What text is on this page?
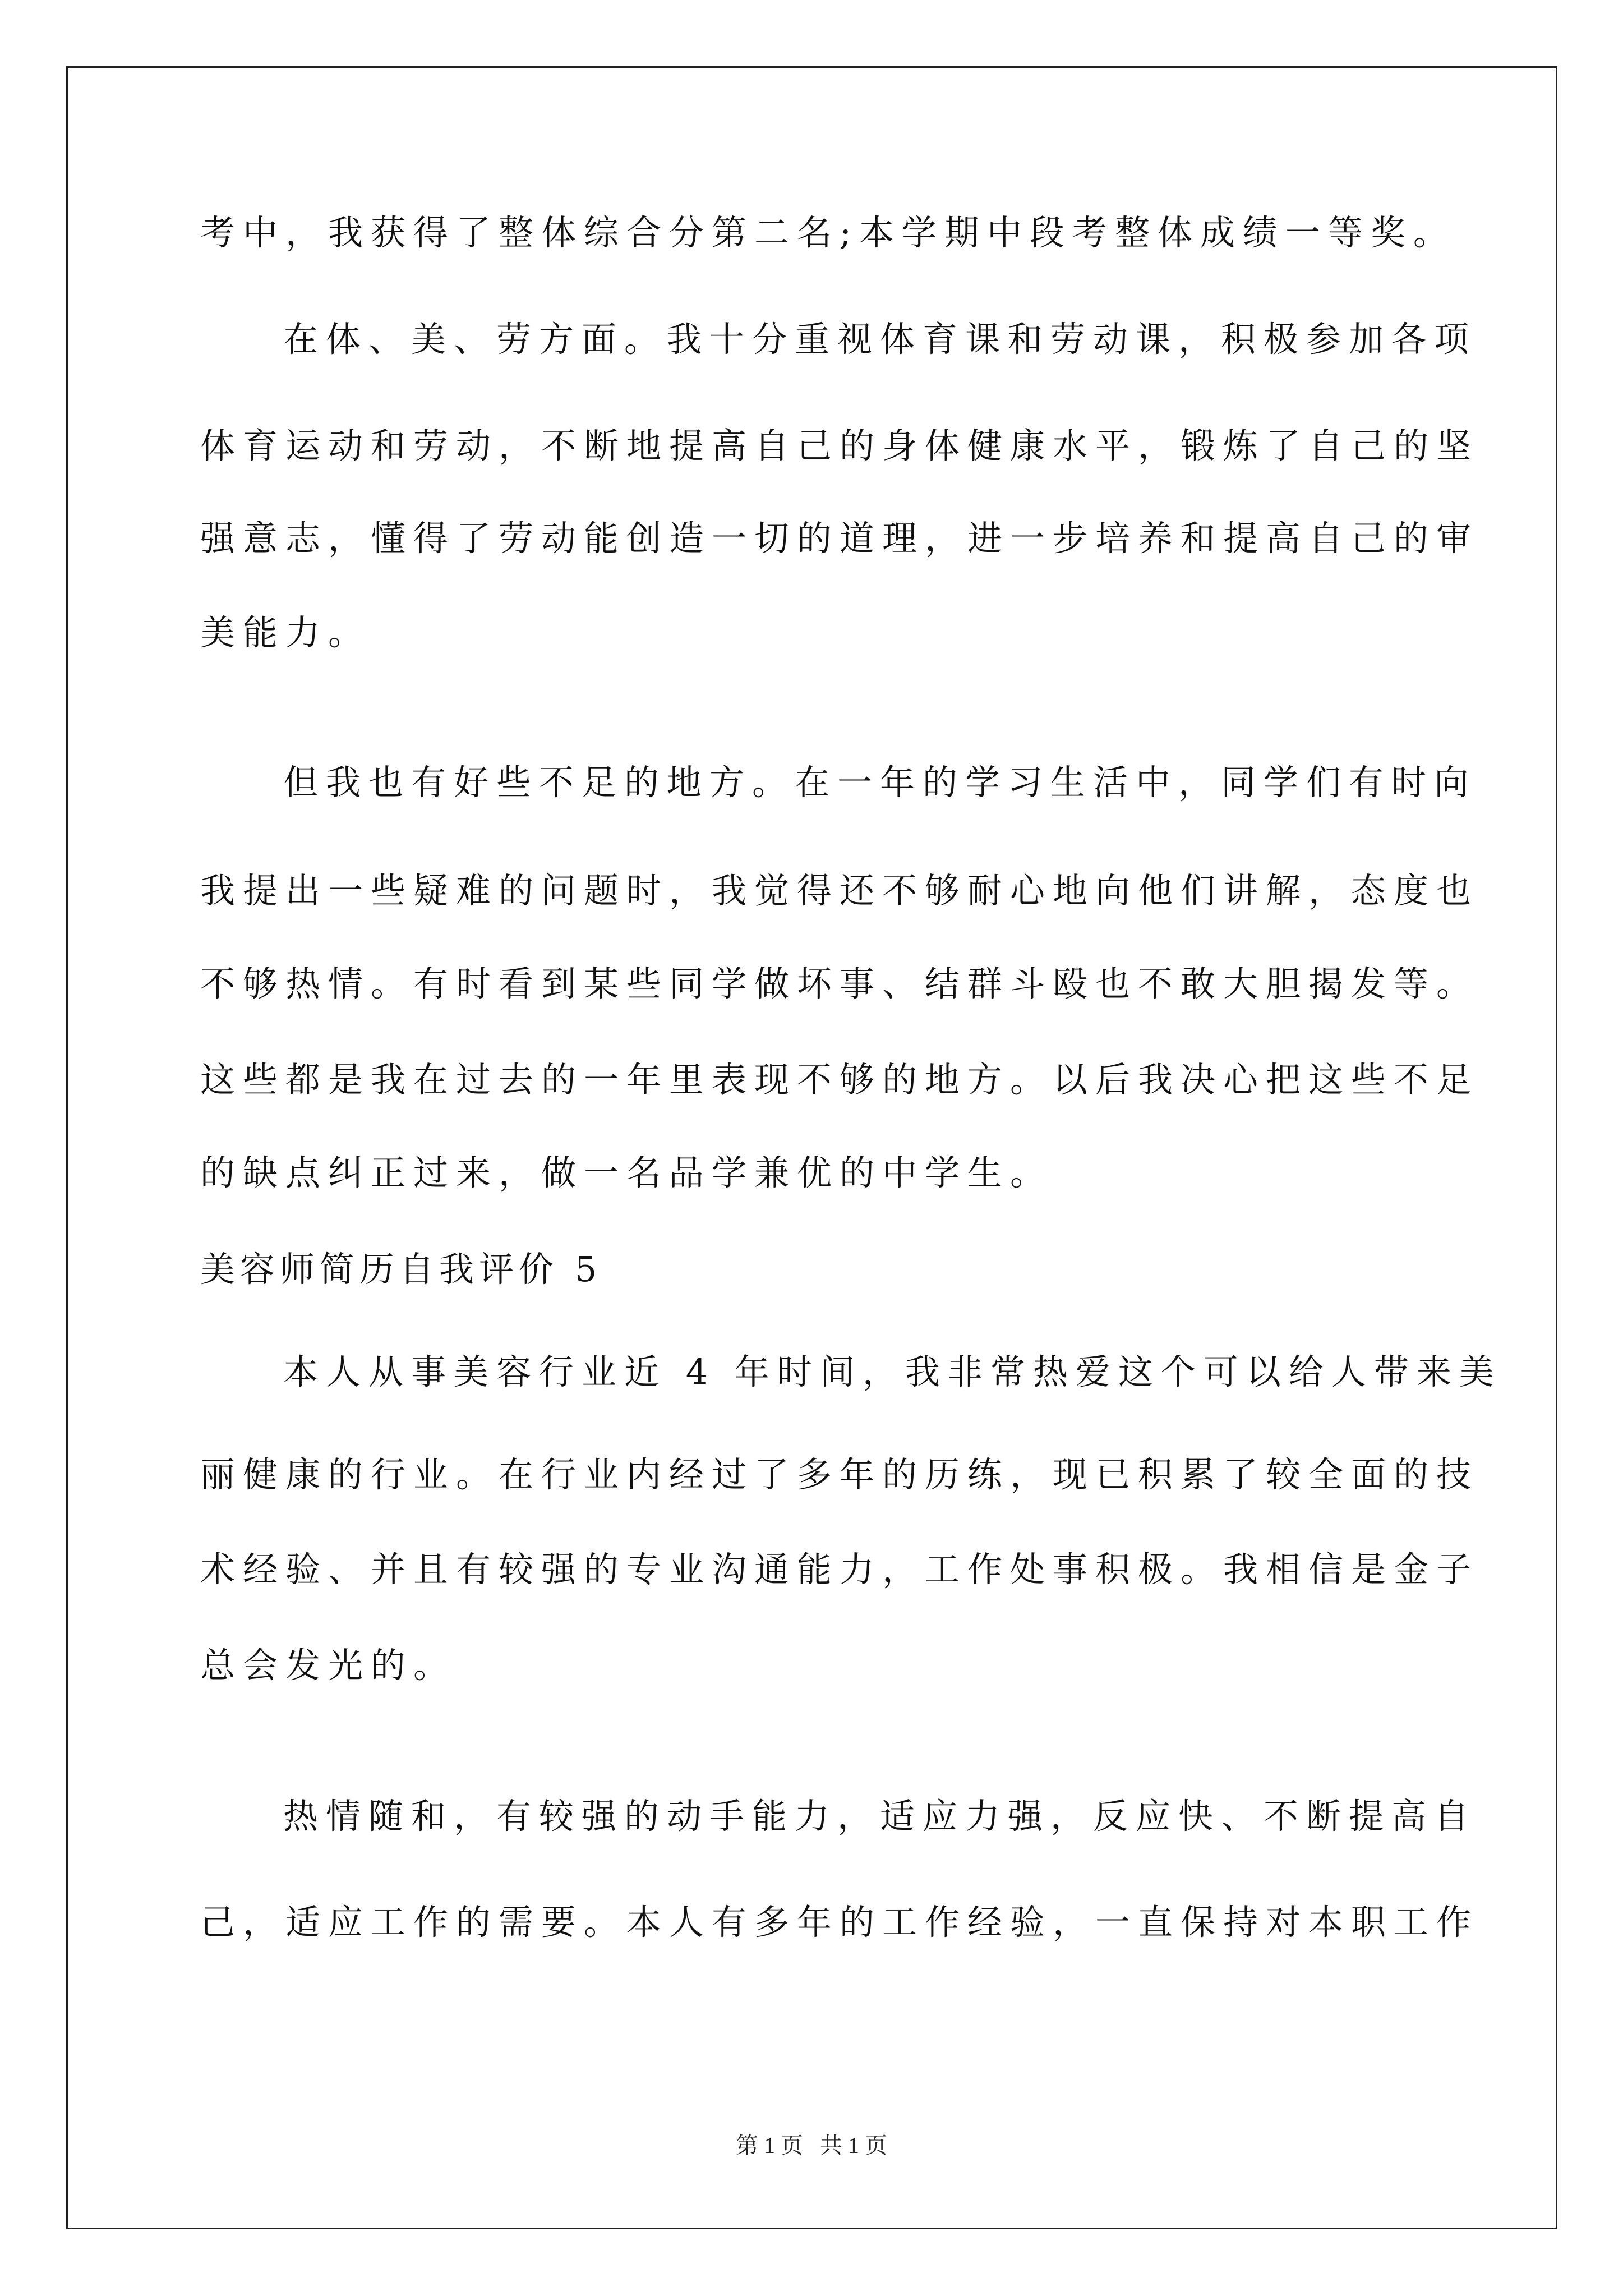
考中，我获得了整体综合分第二名;本学期中段考整体成绩一等奖。
在体、美、劳方面。我十分重视体育课和劳动课，积极参加各项
体育运动和劳动，不断地提高自己的身体健康水平，锻炼了自己的坚
强意志，懂得了劳动能创造一切的道理，进一步培养和提高自己的审
美能力。
但我也有好些不足的地方。在一年的学习生活中，同学们有时向
我提出一些疑难的问题时，我觉得还不够耐心地向他们讲解，态度也
不够热情。有时看到某些同学做坏事、结群斗殴也不敢大胆揭发等。
这些都是我在过去的一年里表现不够的地方。以后我决心把这些不足
的缺点纠正过来，做一名品学兼优的中学生。
美容师简历自我评价 5
本人从事美容行业近 4 年时间，我非常热爱这个可以给人带来美
丽健康的行业。在行业内经过了多年的历练，现已积累了较全面的技
术经验、并且有较强的专业沟通能力，工作处事积极。我相信是金子
总会发光的。
热情随和，有较强的动手能力，适应力强，反应快、不断提高自
己，适应工作的需要。本人有多年的工作经验，一直保持对本职工作
第 1 页   共 1 页
